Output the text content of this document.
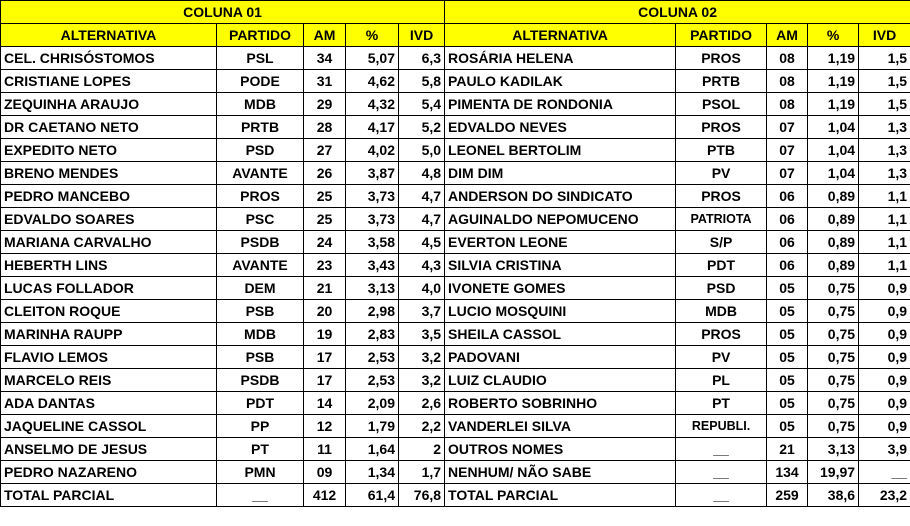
COLUNA 01					COLUNA 02				
ALTERNATIVA	PARTIDO	AM	%	IVD	ALTERNATIVA	PARTIDO	AM	%	IVD
CEL. CHRISÓSTOMOS	PSL	34	5,07	6,3	ROSÁRIA HELENA	PROS	08	1,19	1,5
CRISTIANE LOPES	PODE	31	4,62	5,8	PAULO KADILAK	PRTB	08	1,19	1,5
ZEQUINHA ARAUJO	MDB	29	4,32	5,4	PIMENTA DE RONDONIA	PSOL	08	1,19	1,5
DR CAETANO NETO	PRTB	28	4,17	5,2	EDVALDO NEVES	PROS	07	1,04	1,3
EXPEDITO NETO	PSD	27	4,02	5,0	LEONEL BERTOLIM	PTB	07	1,04	1,3
BRENO MENDES	AVANTE	26	3,87	4,8	DIM DIM	PV	07	1,04	1,3
PEDRO MANCEBO	PROS	25	3,73	4,7	ANDERSON DO SINDICATO	PROS	06	0,89	1,1
EDVALDO SOARES	PSC	25	3,73	4,7	AGUINALDO NEPOMUCENO	PATRIOTA	06	0,89	1,1
MARIANA CARVALHO	PSDB	24	3,58	4,5	EVERTON LEONE	S/P	06	0,89	1,1
HEBERTH LINS	AVANTE	23	3,43	4,3	SILVIA CRISTINA	PDT	06	0,89	1,1
LUCAS FOLLADOR	DEM	21	3,13	4,0	IVONETE GOMES	PSD	05	0,75	0,9
CLEITON ROQUE	PSB	20	2,98	3,7	LUCIO MOSQUINI	MDB	05	0,75	0,9
MARINHA RAUPP	MDB	19	2,83	3,5	SHEILA CASSOL	PROS	05	0,75	0,9
FLAVIO LEMOS	PSB	17	2,53	3,2	PADOVANI	PV	05	0,75	0,9
MARCELO REIS	PSDB	17	2,53	3,2	LUIZ CLAUDIO	PL	05	0,75	0,9
ADA DANTAS	PDT	14	2,09	2,6	ROBERTO SOBRINHO	PT	05	0,75	0,9
JAQUELINE CASSOL	PP	12	1,79	2,2	VANDERLEI SILVA	REPUBLI.	05	0,75	0,9
ANSELMO DE JESUS	PT	11	1,64	2	OUTROS NOMES	__	21	3,13	3,9
PEDRO NAZARENO	PMN	09	1,34	1,7	NENHUM/ NÃO SABE	__	134	19,97	__
TOTAL PARCIAL	__	412	61,4	76,8	TOTAL PARCIAL	__	259	38,6	23,2
